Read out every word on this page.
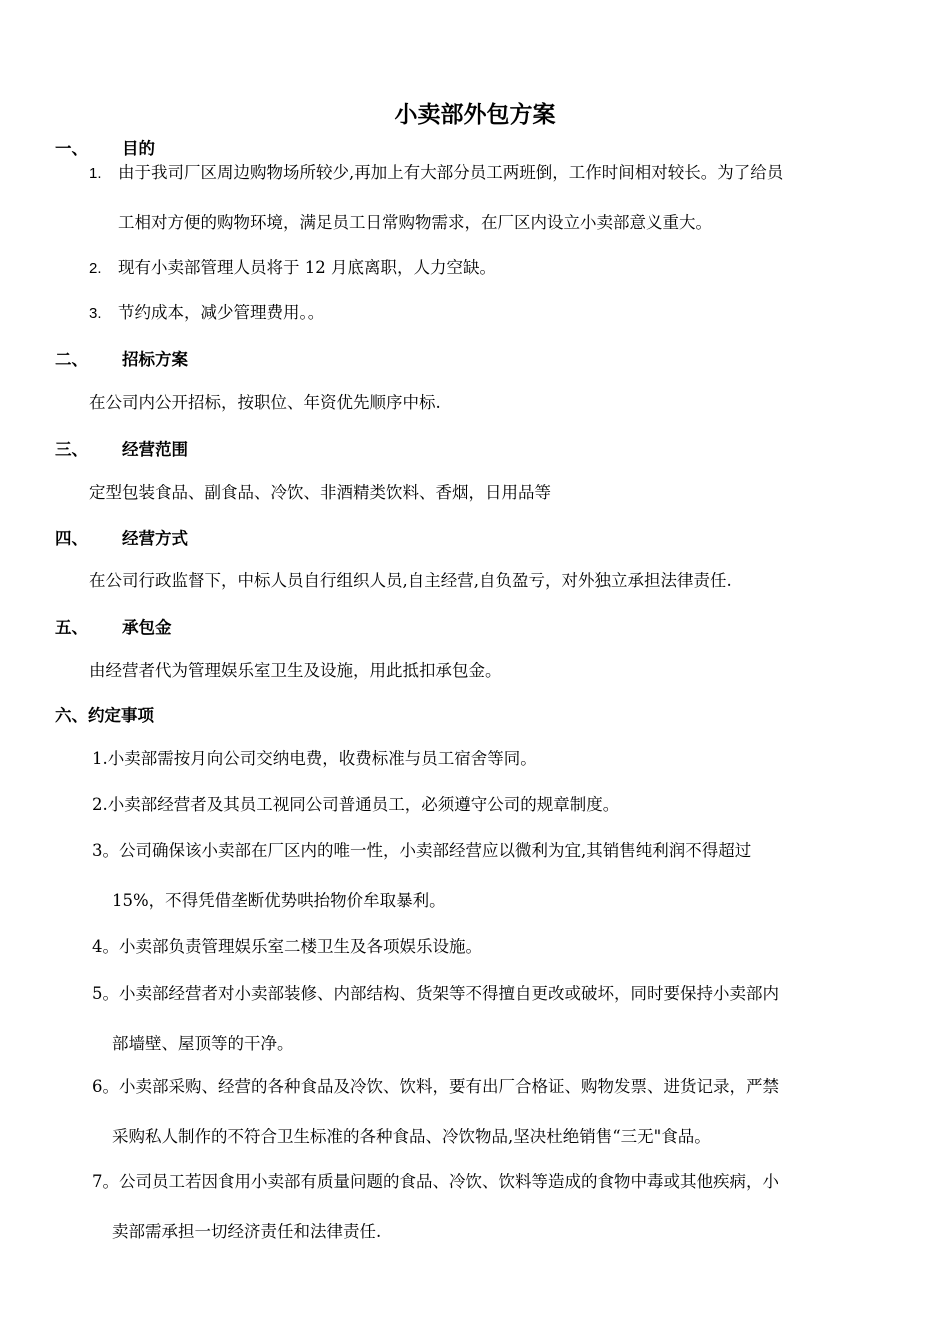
小卖部外包方案
一、 目的
1. 由于我司厂区周边购物场所较少,再加上有大部分员工两班倒，工作时间相对较长。为了给员
工相对方便的购物环境，满足员工日常购物需求，在厂区内设立小卖部意义重大。
2. 现有小卖部管理人员将于 12 月底离职，人力空缺。
3. 节约成本，减少管理费用。。
二、 招标方案
在公司内公开招标，按职位、年资优先顺序中标.
三、 经营范围
定型包装食品、副食品、冷饮、非酒精类饮料、香烟，日用品等
四、 经营方式
在公司行政监督下，中标人员自行组织人员,自主经营,自负盈亏，对外独立承担法律责任.
五、 承包金
由经营者代为管理娱乐室卫生及设施，用此抵扣承包金。
六、约定事项
1.小卖部需按月向公司交纳电费，收费标准与员工宿舍等同。
2.小卖部经营者及其员工视同公司普通员工，必须遵守公司的规章制度。
3。公司确保该小卖部在厂区内的唯一性，小卖部经营应以微利为宜,其销售纯利润不得超过
15%，不得凭借垄断优势哄抬物价牟取暴利。
4。小卖部负责管理娱乐室二楼卫生及各项娱乐设施。
5。小卖部经营者对小卖部装修、内部结构、货架等不得擅自更改或破坏，同时要保持小卖部内
部墙壁、屋顶等的干净。
6。小卖部采购、经营的各种食品及冷饮、饮料，要有出厂合格证、购物发票、进货记录，严禁
采购私人制作的不符合卫生标准的各种食品、冷饮物品,坚决杜绝销售“三无"食品。
7。公司员工若因食用小卖部有质量问题的食品、冷饮、饮料等造成的食物中毒或其他疾病，小
卖部需承担一切经济责任和法律责任.
